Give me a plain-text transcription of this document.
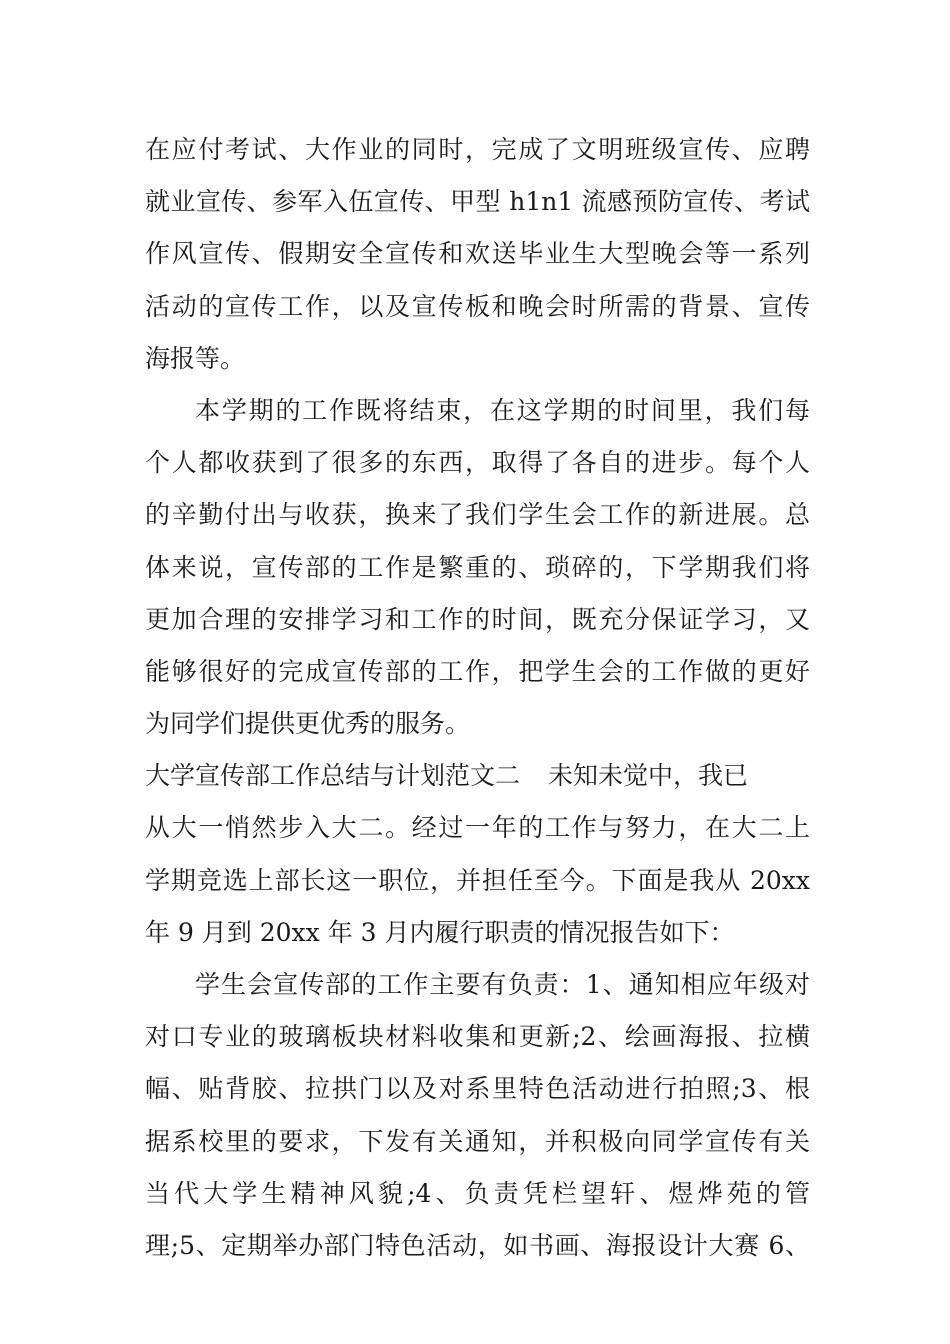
在应付考试、大作业的同时，完成了文明班级宣传、应聘
就业宣传、参军入伍宣传、甲型 h1n1 流感预防宣传、考试
作风宣传、假期安全宣传和欢送毕业生大型晚会等一系列
活动的宣传工作，以及宣传板和晚会时所需的背景、宣传
海报等。
本学期的工作既将结束，在这学期的时间里，我们每
个人都收获到了很多的东西，取得了各自的进步。每个人
的辛勤付出与收获，换来了我们学生会工作的新进展。总
体来说，宣传部的工作是繁重的、琐碎的，下学期我们将
更加合理的安排学习和工作的时间，既充分保证学习，又
能够很好的完成宣传部的工作，把学生会的工作做的更好
为同学们提供更优秀的服务。
大学宣传部工作总结与计划范文二 未知未觉中，我已
从大一悄然步入大二。经过一年的工作与努力，在大二上
学期竞选上部长这一职位，并担任至今。下面是我从 20xx
年 9 月到 20xx 年 3 月内履行职责的情况报告如下：
学生会宣传部的工作主要有负责：1、通知相应年级对
对口专业的玻璃板块材料收集和更新;2、绘画海报、拉横
幅、贴背胶、拉拱门以及对系里特色活动进行拍照;3、根
据系校里的要求，下发有关通知，并积极向同学宣传有关
当代大学生精神风貌;4、负责凭栏望轩、煜烨苑的管
理;5、定期举办部门特色活动，如书画、海报设计大赛 6、
